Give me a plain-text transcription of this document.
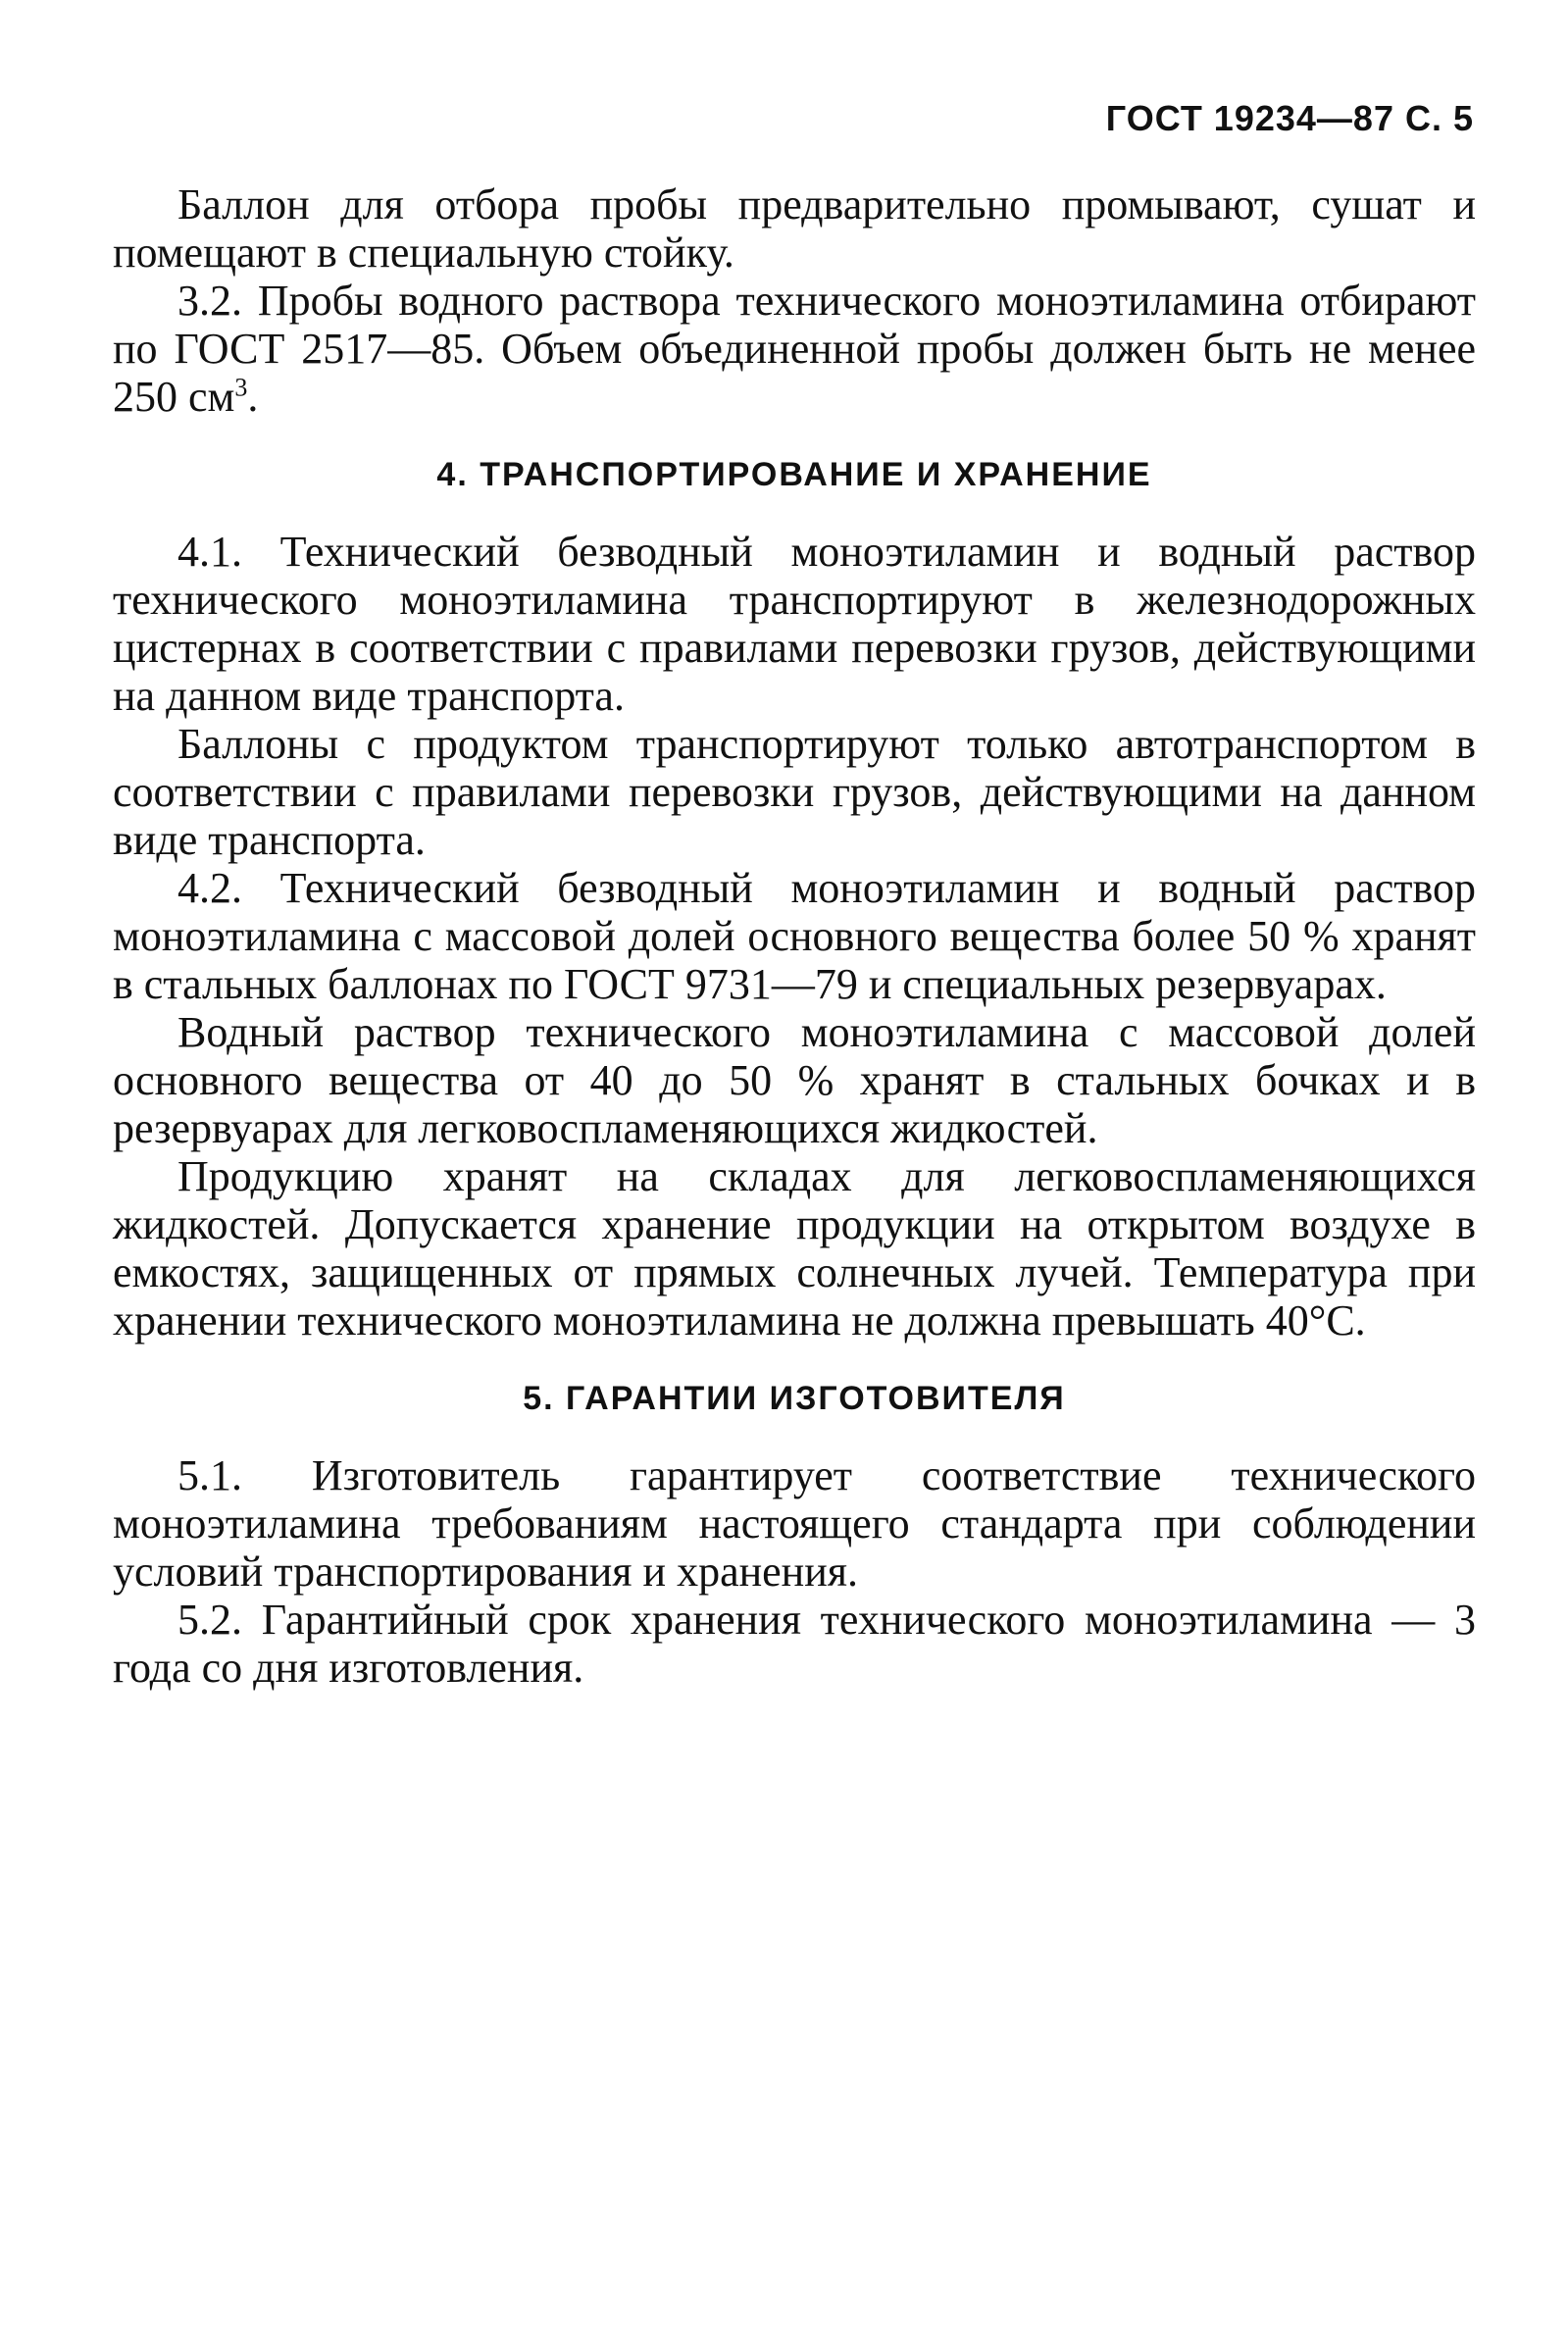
ГОСТ 19234—87 С. 5

Баллон для отбора пробы предварительно промывают, сушат и помещают в специальную стойку.

3.2. Пробы водного раствора технического моноэтиламина отбирают по ГОСТ 2517—85. Объем объединенной пробы должен быть не менее 250 $см^3$.

4. ТРАНСПОРТИРОВАНИЕ И ХРАНЕНИЕ

4.1. Технический безводный моноэтиламин и водный раствор технического моноэтиламина транспортируют в железнодорожных цистернах в соответствии с правилами перевозки грузов, действующими на данном виде транспорта.

Баллоны с продуктом транспортируют только автотранспортом в соответствии с правилами перевозки грузов, действующими на данном виде транспорта.

4.2. Технический безводный моноэтиламин и водный раствор моноэтиламина с массовой долей основного вещества более 50 % хранят в стальных баллонах по ГОСТ 9731—79 и специальных резервуарах.

Водный раствор технического моноэтиламина с массовой долей основного вещества от 40 до 50 % хранят в стальных бочках и в резервуарах для легковоспламеняющихся жидкостей.

Продукцию хранят на складах для легковоспламеняющихся жидкостей. Допускается хранение продукции на открытом воздухе в емкостях, защищенных от прямых солнечных лучей. Температура при хранении технического моноэтиламина не должна превышать 40°С.

5. ГАРАНТИИ ИЗГОТОВИТЕЛЯ

5.1. Изготовитель гарантирует соответствие технического моноэтиламина требованиям настоящего стандарта при соблюдении условий транспортирования и хранения.

5.2. Гарантийный срок хранения технического моноэтиламина — 3 года со дня изготовления.
